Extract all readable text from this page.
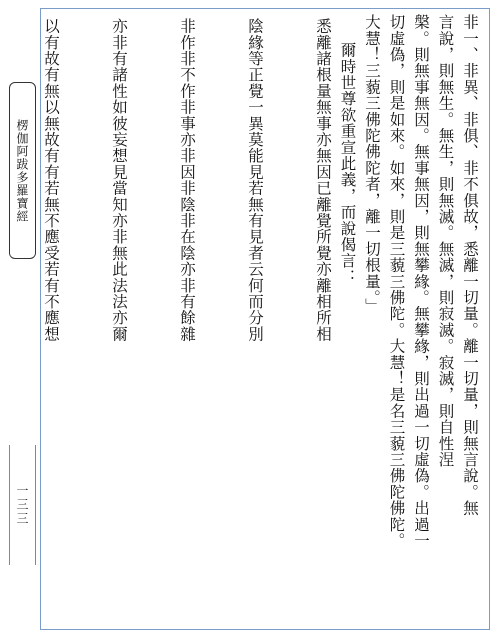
楞伽阿跋多羅寶經
一三三	非一、非異、非俱、非不俱故，悉離一切量。離一切量，則無言說。無
言說，則無生。無生，則無滅。無滅，則寂滅。寂滅，則自性涅
槃。則無事無因。無事無因，則無攀緣。無攀緣，則出過一切虛偽。出過一
切虛偽，則是如來。如來，則是三藐三佛陀。大慧！是名三藐三佛陀佛陀。
大慧！三藐三佛陀佛陀者，離一切根量。」
爾時世尊欲重宣此義，而說偈言：
悉離諸根量無事亦無因已離覺所覺亦離相所相
陰緣等正覺一異莫能見若無有見者云何而分別
非作非不作非事亦非因非陰非在陰亦非有餘雜
亦非有諸性如彼妄想見當知亦非無此法法亦爾
以有故有無以無故有有若無不應受若有不應想
